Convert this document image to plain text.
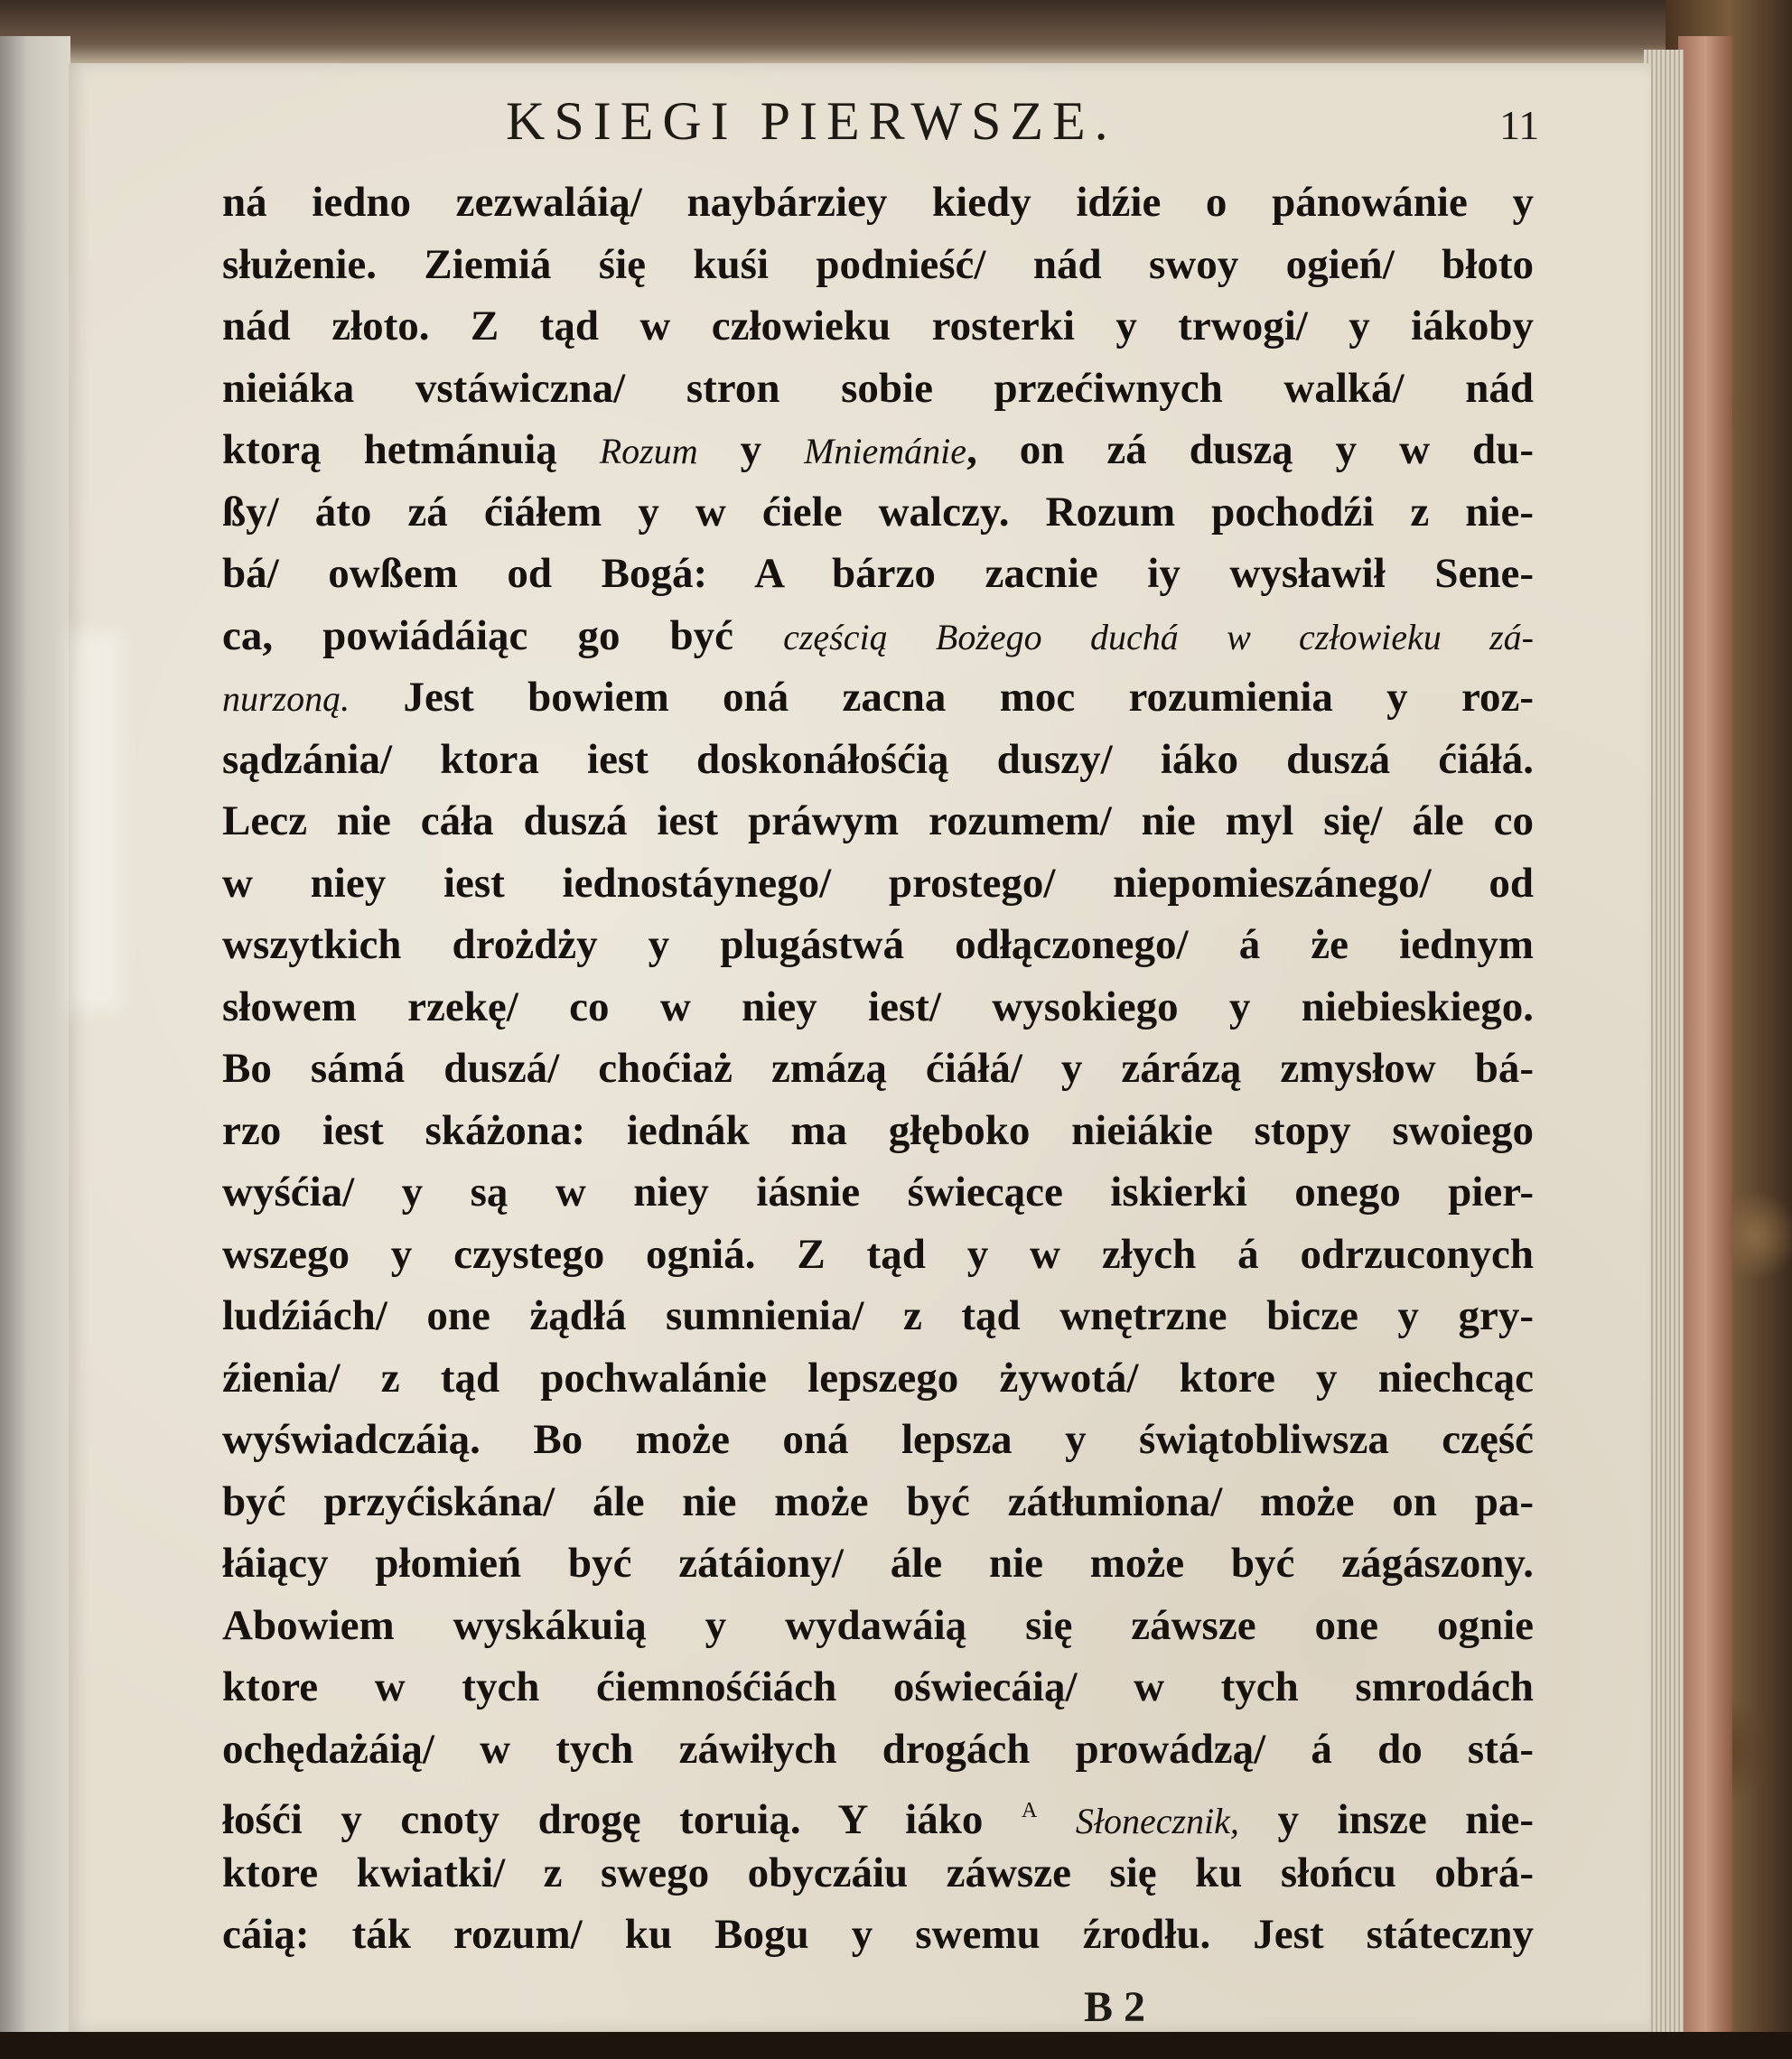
KSIEGI PIERWSZE.	11
ná iedno zezwaláią/ naybárziey kiedy idźie o pánowánie y
służenie. Ziemiá śię kuśi podnieść/ nád swoy ogień/ błoto
nád złoto. Z tąd w człowieku rosterki y trwogi/ y iákoby
nieiáka vstáwiczna/ stron sobie przećiwnych walká/ nád
ktorą hetmánuią Rozum y Mniemánie, on zá duszą y w du-
ßy/ áto zá ćiáłem y w ćiele walczy. Rozum pochodźi z nie-
bá/ owßem od Bogá: A bárzo zacnie iy wysławił Sene-
ca, powiádáiąc go być częścią Bożego duchá w człowieku zá-
nurzoną. Jest bowiem oná zacna moc rozumienia y roz-
sądzánia/ ktora iest doskonáłośćią duszy/ iáko duszá ćiáłá.
Lecz nie cáła duszá iest práwym rozumem/ nie myl się/ ále co
w niey iest iednostáynego/ prostego/ niepomieszánego/ od
wszytkich drożdży y plugástwá odłączonego/ á że iednym
słowem rzekę/ co w niey iest/ wysokiego y niebieskiego.
Bo sámá duszá/ choćiaż zmázą ćiáłá/ y zárázą zmysłow bá-
rzo iest skáżona: iednák ma głęboko nieiákie stopy swoiego
wyśćia/ y są w niey iásnie świecące iskierki onego pier-
wszego y czystego ogniá. Z tąd y w złych á odrzuconych
ludźiách/ one żądłá sumnienia/ z tąd wnętrzne bicze y gry-
źienia/ z tąd pochwalánie lepszego żywotá/ ktore y niechcąc
wyświadczáią. Bo może oná lepsza y świątobliwsza część
być przyćiskána/ ále nie może być zátłumiona/ może on pa-
łáiący płomień być zátáiony/ ále nie może być zágászony.
Abowiem wyskákuią y wydawáią się záwsze one ognie
ktore w tych ćiemnośćiách oświecáią/ w tych smrodách
ochędażáią/ w tych záwiłych drogách prowádzą/ á do stá-
łośći y cnoty drogę toruią. Y iáko $^A$ Słonecznik, y insze nie-
ktore kwiatki/ z swego obyczáiu záwsze się ku słońcu obrá-
cáią: ták rozum/ ku Bogu y swemu źrodłu. Jest státeczny
B 2
